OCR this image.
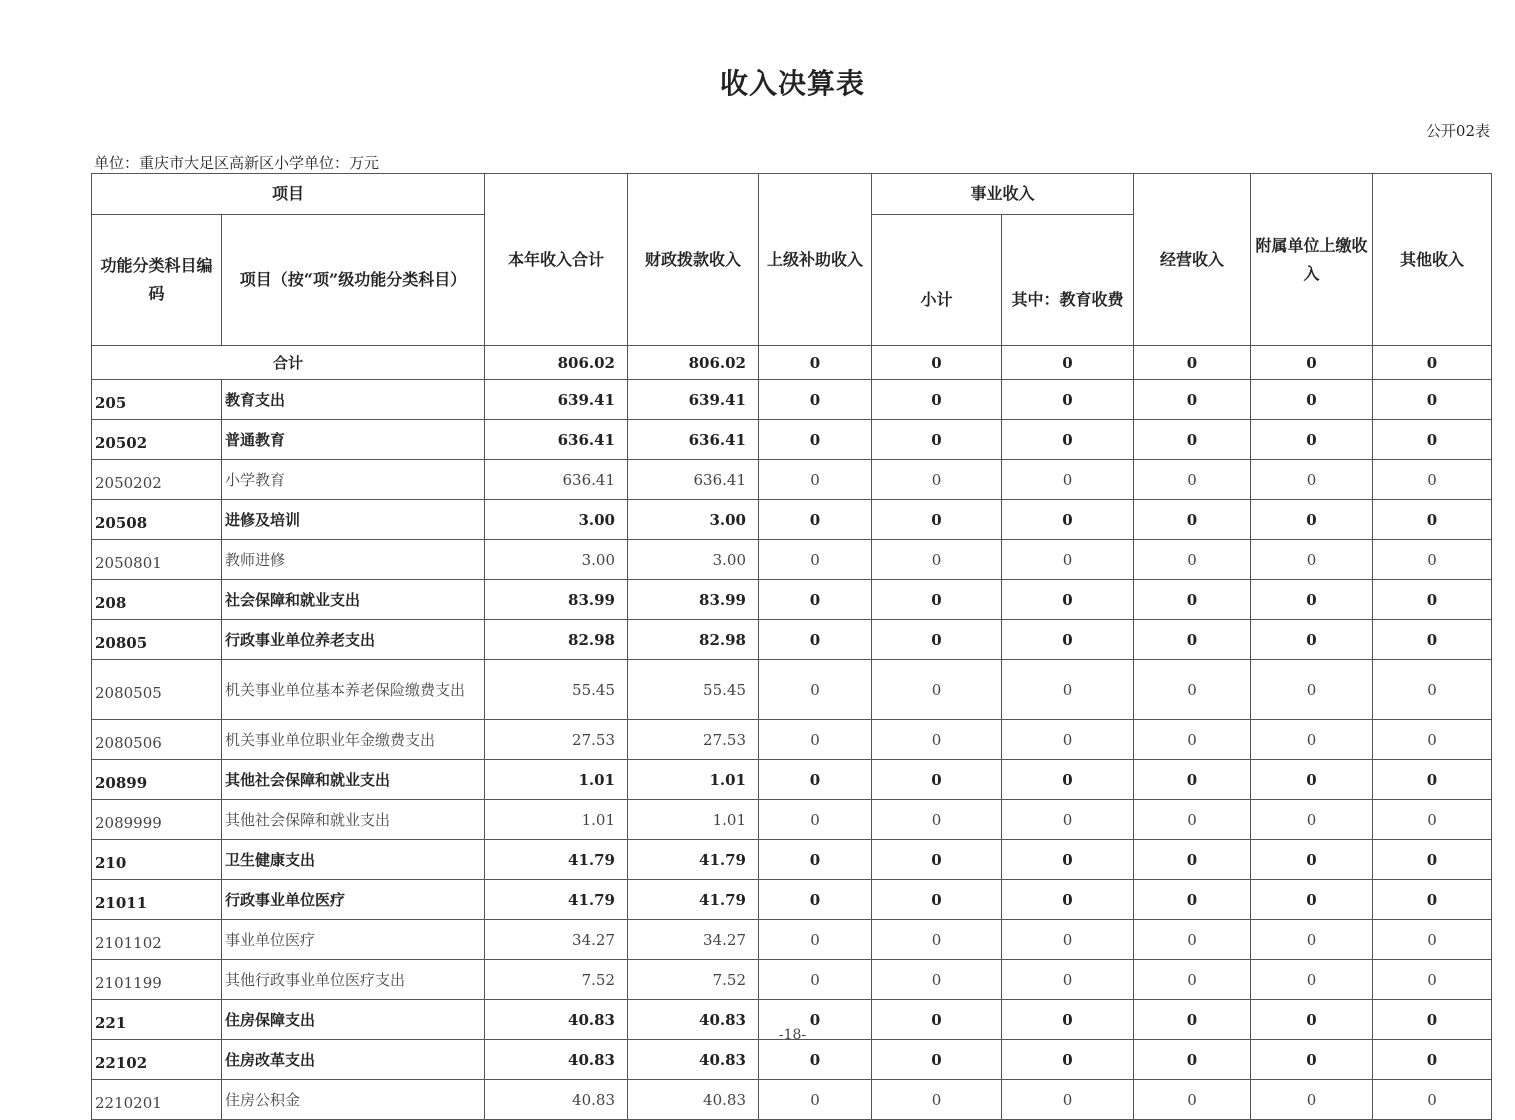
收入决算表
公开02表
单位：重庆市大足区高新区小学单位：万元
项目		本年收入合计	财政拨款收入	上级补助收入	事业收入		经营收入	附属单位上缴收入	其他收入
功能分类科目编码	项目（按“项”级功能分类科目）				小计	其中：教育收费			
合计		806.02	806.02	0	0	0	0	0	0
205	教育支出	639.41	639.41	0	0	0	0	0	0
20502	普通教育	636.41	636.41	0	0	0	0	0	0
2050202	小学教育	636.41	636.41	0	0	0	0	0	0
20508	进修及培训	3.00	3.00	0	0	0	0	0	0
2050801	教师进修	3.00	3.00	0	0	0	0	0	0
208	社会保障和就业支出	83.99	83.99	0	0	0	0	0	0
20805	行政事业单位养老支出	82.98	82.98	0	0	0	0	0	0
2080505	机关事业单位基本养老保险缴费支出	55.45	55.45	0	0	0	0	0	0
2080506	机关事业单位职业年金缴费支出	27.53	27.53	0	0	0	0	0	0
20899	其他社会保障和就业支出	1.01	1.01	0	0	0	0	0	0
2089999	其他社会保障和就业支出	1.01	1.01	0	0	0	0	0	0
210	卫生健康支出	41.79	41.79	0	0	0	0	0	0
21011	行政事业单位医疗	41.79	41.79	0	0	0	0	0	0
2101102	事业单位医疗	34.27	34.27	0	0	0	0	0	0
2101199	其他行政事业单位医疗支出	7.52	7.52	0	0	0	0	0	0
221	住房保障支出	40.83	40.83	0	0	0	0	0	0
22102	住房改革支出	40.83	40.83	0	0	0	0	0	0
2210201	住房公积金	40.83	40.83	0	0	0	0	0	0
-18-
